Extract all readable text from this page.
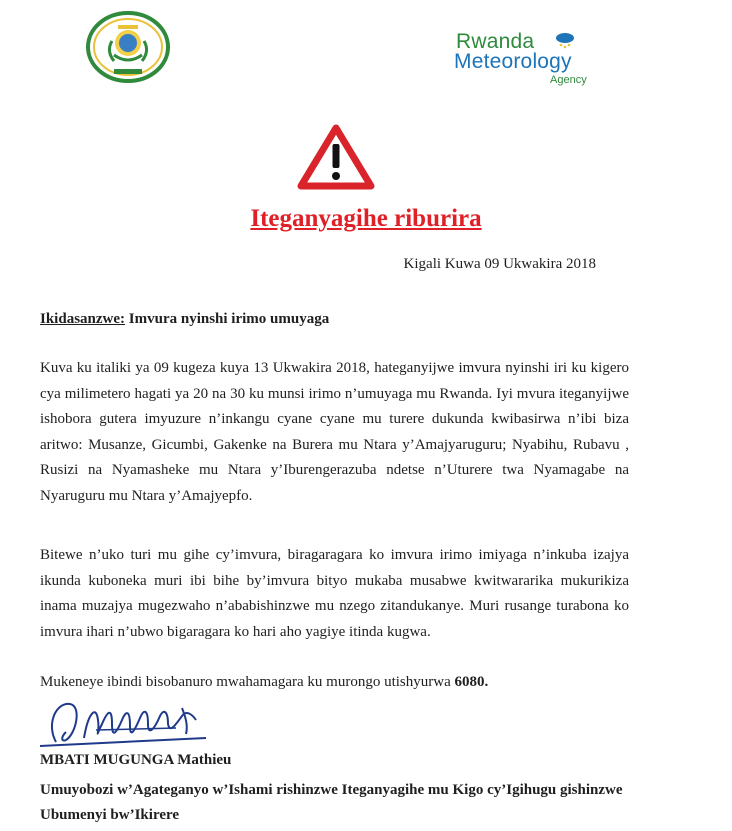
Rwanda
Meteorology
Agency
Iteganyagihe riburira
Kigali Kuwa 09 Ukwakira 2018
Ikidasanzwe: Imvura nyinshi irimo umuyaga

Kuva ku italiki ya 09 kugeza kuya 13 Ukwakira 2018, hateganyijwe imvura nyinshi iri ku kigero cya milimetero hagati ya 20 na 30 ku munsi irimo n’umuyaga mu Rwanda. Iyi mvura iteganyijwe ishobora gutera imyuzure n’inkangu cyane cyane mu turere dukunda kwibasirwa n’ibi biza aritwo: Musanze, Gicumbi, Gakenke na Burera mu Ntara y’Amajyaruguru; Nyabihu, Rubavu , Rusizi na Nyamasheke mu Ntara y’Iburengerazuba ndetse n’Uturere twa Nyamagabe na Nyaruguru mu Ntara y’Amajyepfo.

Bitewe n’uko turi mu gihe cy’imvura, biragaragara ko imvura irimo imiyaga n’inkuba izajya ikunda kuboneka muri ibi bihe by’imvura bityo mukaba musabwe kwitwararika mukurikiza inama muzajya mugezwaho n’ababishinzwe mu nzego zitandukanye. Muri rusange turabona ko imvura ihari n’ubwo bigaragara ko hari aho yagiye itinda kugwa.

Mukeneye ibindi bisobanuro mwahamagara ku murongo utishyurwa 6080.
MBATI MUGUNGA Mathieu
Umuyobozi w’Agateganyo w’Ishami rishinzwe Iteganyagihe mu Kigo cy’Igihugu gishinzwe Ubumenyi bw’Ikirere
